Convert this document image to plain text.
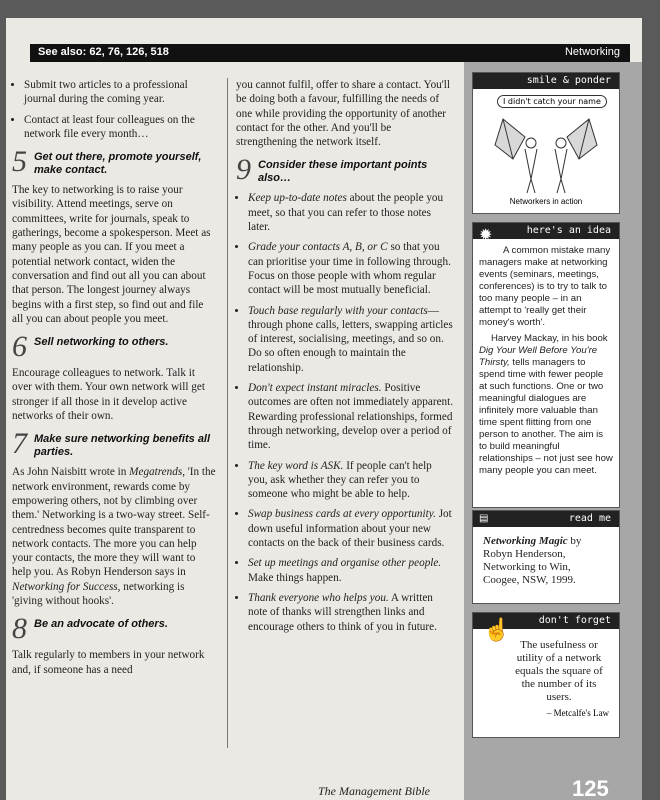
See also: 62, 76, 126, 518	Networking
• Submit two articles to a professional journal during the coming year.
• Contact at least four colleagues on the network file every month…
5 Get out there, promote yourself, make contact.

The key to networking is to raise your visibility. Attend meetings, serve on committees, write for journals, speak to gatherings, become a spokesperson. Meet as many people as you can. If you meet a potential network contact, widen the conversation and find out all you can about that person. The longest journey always begins with a first step, so find out and file all you can about people you meet.

6 Sell networking to others.

Encourage colleagues to network. Talk it over with them. Your own network will get stronger if all those in it develop active networks of their own.

7 Make sure networking benefits all parties.

As John Naisbitt wrote in Megatrends, 'In the network environment, rewards come by empowering others, not by climbing over them.' Networking is a two-way street. Self-centredness becomes quite transparent to network contacts. The more you can help your contacts, the more they will want to help you. As Robyn Henderson says in Networking for Success, networking is 'giving without hooks'.

8 Be an advocate of others.

Talk regularly to members in your network and, if someone has a need

you cannot fulfil, offer to share a contact. You'll be doing both a favour, fulfilling the needs of one while providing the opportunity of another contact for the other. And you'll be strengthening the network itself.

9 Consider these important points also…
• Keep up-to-date notes about the people you meet, so that you can refer to those notes later.
• Grade your contacts A, B, or C so that you can prioritise your time in following through. Focus on those people with whom regular contact will be most mutually beneficial.
• Touch base regularly with your contacts—through phone calls, letters, swapping articles of interest, socialising, meetings, and so on. Do so often enough to maintain the relationship.
• Don't expect instant miracles. Positive outcomes are often not immediately apparent. Rewarding professional relationships, formed through networking, develop over a period of time.
• The key word is ASK. If people can't help you, ask whether they can refer you to someone who might be able to help.
• Swap business cards at every opportunity. Jot down useful information about your new contacts on the back of their business cards.
• Set up meetings and organise other people. Make things happen.
• Thank everyone who helps you. A written note of thanks will strengthen links and encourage others to think of you in future.
smile & ponder
I didn't catch your name
Networkers in action
here's an idea
✹

A common mistake many managers make at networking events (seminars, meetings, conferences) is to try to talk to too many people – in an attempt to 'really get their money's worth'.

Harvey Mackay, in his book Dig Your Well Before You're Thirsty, tells managers to spend time with fewer people at such functions. One or two meaningful dialogues are infinitely more valuable than time spent flitting from one person to another. The aim is to build meaningful relationships – not just see how many people you can meet.

read me
▤
Networking Magic by Robyn Henderson, Networking to Win, Coogee, NSW, 1999.
don't forget
☝
The usefulness or utility of a network equals the square of the number of its users.
– Metcalfe's Law
The Management Bible	125
